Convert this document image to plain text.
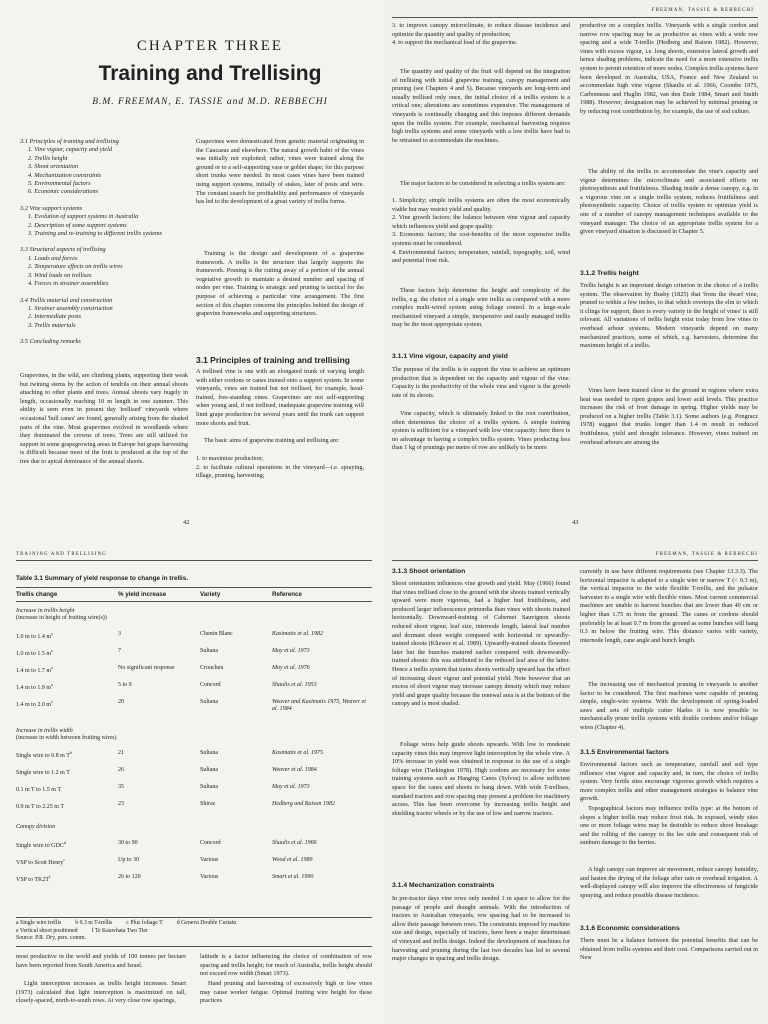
CHAPTER THREE
Training and Trellising
B.M. FREEMAN, E. TASSIE and M.D. REBBECHI
3.1 Principles of training and trellising
1. Vine vigour, capacity and yield
2. Trellis height
3. Shoot orientation
4. Mechanization constraints
5. Environmental factors
6. Economic considerations
3.2 Vine support systems
1. Evolution of support systems in Australia
2. Description of some support systems
3. Training and re-training to different trellis systems
3.3 Structural aspects of trellising
1. Loads and forces
2. Temperature effects on trellis wires
3. Wind loads on trellises
4. Forces in strainer assemblies
3.4 Trellis material and construction
1. Strainer assembly construction
2. Intermediate posts
3. Trellis materials
3.5 Concluding remarks
Grapevines were domesticated from genetic material originating in the Caucasus and elsewhere. The natural growth habit of the vines was initially not exploited; rather, vines were trained along the ground or to a self-supporting vase or goblet shape; for this purpose short trunks were needed. In most cases vines have been trained using support systems, initially of stakes, later of posts and wire. The constant search for profitability and performance of vineyards has led to the development of a great variety of trellis forms.
Training is the design and development of a grapevine framework. A trellis is the structure that largely supports the framework. Pruning is the cutting away of a portion of the annual vegetative growth to maintain a desired number and spacing of nodes per vine. Training is strategic and pruning is tactical for the purpose of achieving a particular vine arrangement. The first section of this chapter concerns the principles behind the design of grapevine frameworks and supporting structures.
3.1 Principles of training and trellising
Grapevines, in the wild, are climbing plants, supporting their weak but twining stems by the action of tendrils on their annual shoots attaching to other plants and trees. Annual shoots vary hugely in length, occasionally reaching 10 m length in one summer. This ability is seen even in present day 'trellised' vineyards where occasional 'bull canes' are found, generally arising from the shaded parts of the vine. Most grapevines evolved in woodlands where they dominated the crowns of trees. Trees are still utilized for support in some grapegrowing areas in Europe but grape harvesting is difficult because most of the fruit is produced at the top of the tree due to apical dominance of the annual shoots.
A trellised vine is one with an elongated trunk of varying length with either cordons or canes trained onto a support system. In some vineyards, vines are trained but not trellised, for example, head-trained, free-standing vines. Grapevines are not self-supporting when young and, if not trellised, inadequate grapevine training will limit grape production for several years until the trunk can support more shoots and fruit.
The basic aims of grapevine training and trellising are:
1. to maximize production;
2. to facilitate cultural operations in the vineyard—i.e. spraying, tillage, pruning, harvesting;
42
FREEMAN, TASSIE & REBBECHI
3. to improve canopy microclimate, to reduce disease incidence and optimize the quantity and quality of production;
4. to support the mechanical load of the grapevine.
The quantity and quality of the fruit will depend on the integration of trellising with initial grapevine training, canopy management and pruning (see Chapters 4 and 5). Because vineyards are long-term and usually trellised only once, the initial choice of a trellis system is a critical one; alterations are sometimes expensive. The management of vineyards is continually changing and this imposes different demands upon the trellis system. For example, mechanical harvesting requires high trellis systems and some vineyards with a low trellis have had to be retrained to accommodate the machines.
The major factors to be considered in selecting a trellis system are:
1. Simplicity; simple trellis systems are often the most economically viable but may restrict yield and quality.
2. Vine growth factors; the balance between vine vigour and capacity which influences yield and grape quality.
3. Economic factors; the cost-benefits of the more expensive trellis systems must be considered.
4. Environmental factors; temperature, rainfall, topography, soil, wind and potential frost risk.
These factors help determine the height and complexity of the trellis, e.g. the choice of a single wire trellis as compared with a more complex multi-wired system using foliage control. In a large-scale mechanized vineyard a simple, inexpensive and easily managed trellis may be the most appropriate system.
3.1.1 Vine vigour, capacity and yield
The purpose of the trellis is to support the vine to achieve an optimum production that is dependent on the capacity and vigour of the vine. Capacity is the productivity of the whole vine and vigour is the growth rate of its shoots.
Vine capacity, which is ultimately linked to the root contribution, often determines the choice of a trellis system. A simple training system is sufficient for a vineyard with low vine capacity: here there is no advantage in having a complex trellis system. Vines producing less than 1 kg of prunings per metre of row are unlikely to be more
productive on a complex trellis. Vineyards with a single cordon and narrow row spacing may be as productive as vines with a wide row spacing and a wide T-trellis (Hedberg and Raison 1982). However, vines with excess vigour, i.e. long shoots, extensive lateral growth and hence shading problems, indicate the need for a more extensive trellis system to permit retention of more nodes. Complex trellis systems have been developed in Australia, USA, France and New Zealand to accommodate high vine vigour (Shaulis et al. 1966, Coombe 1975, Carbonneau and Huglin 1982, van den Ende 1984, Smart and Smith 1988). However, designation may be achieved by minimal pruning or by reducing root contribution by, for example, the use of sod culture.
The ability of the trellis to accommodate the vine's capacity and vigour determines the microclimate and associated effects on photosynthesis and fruitfulness. Shading inside a dense canopy, e.g. in a vigorous vine on a single trellis system, reduces fruitfulness and photosynthetic capacity. Choice of trellis system to optimize yield is one of a number of canopy management techniques available to the vineyard manager. The choice of an appropriate trellis system for a given vineyard situation is discussed in Chapter 5.
3.1.2 Trellis height
Trellis height is an important design criterion in the choice of a trellis system. The observation by Busby (1825) that 'from the dwarf vine, pruned to within a few inches, to that which overtops the elm to which it clings for support, there is every variety in the height of vines' is still relevant. All variations of trellis height exist today from low vines to overhead arbour systems. Modern vineyards depend on many mechanized practices, some of which, e.g. harvesters, determine the maximum height of a trellis.
Vines have been trained close to the ground in regions where extra heat was needed to ripen grapes and lower acid levels. This practice increases the risk of frost damage in spring. Higher yields may be produced on a higher trellis (Table 3.1). Some authors (e.g. Pongracz 1978) suggest that trunks longer than 1.4 m result in reduced fruitfulness, yield and drought tolerance. However, vines trained on overhead arbours are among the
43
TRAINING AND TRELLISING
Table 3.1 Summary of yield response to change in trellis.
Trellis change	% yield increase	Variety	Reference

Increase in trellis height
(increase in height of fruiting wire(s))			

1.0 m to 1.4 $m^a$	3	Chenin Blanc	Kasimatis et al. 1982
1.0 m to 1.5 $m^a$	7	Sultana	May et al. 1973
1.4 m to 1.7 $m^a$	No significant response	Crouchen	May et al. 1976
1.4 m to 1.9 $m^a$	5 to 9	Concord	Shaulis et al. 1953
1.4 m to 2.0 $m^e$	20	Sultana	Weaver and Kasimatis 1975, Weaver et al. 1984

Increase in trellis width
(increase in width between fruiting wires)			

Single wire to 0.8 m $T^b$	21	Sultana	Kasimatis et al. 1975
Single wire to 1.2 m T	26	Sultana	Weaver et al. 1984
0.1 m T to 1.5 m T	35	Sultana	May et al. 1973
0.9 m T to 2.25 m T	23	Shiraz	Hedberg and Raison 1982

Canopy division			

Single wire to GDC$^d$	30 to 90	Concord	Shaulis et al. 1966
VSP to Scott Henry$^c$	Up to 30	Various	Wood et al. 1989
VSP to $TK2T^f$	26 to 120	Various	Smart et al. 1990
a Single wire trellis b 0.3 m T-trellis c Plus foliage T d Geneva Double Curtain
e Vertical shoot positioned f Te Kauwhata Two Tier
Source: P.R. Dry, pers. comm.
most productive in the world and yields of 100 tonnes per hectare have been reported from South America and Israel.
Light interception increases as trellis height increases. Smart (1973) calculated that light interception is maximized on tall, closely-spaced, north-to-south rows. At very close row spacings,
latitude is a factor influencing the choice of combination of row spacing and trellis height; for much of Australia, trellis height should not exceed row width (Smart 1973).
Hand pruning and harvesting of excessively high or low vines may cause worker fatigue. Optimal fruiting wire height for these practices
FREEMAN, TASSIE & REBBECHI
3.1.3 Shoot orientation
Shoot orientation influences vine growth and yield. May (1966) found that vines trellised close to the ground with the shoots trained vertically upward were more vigorous, had a higher bud fruitfulness, and produced larger inflorescence primordia than vines with shoots trained horizontally. Downward-training of Cabernet Sauvignon shoots reduced shoot vigour, leaf size, internode length, lateral leaf number and dormant shoot weight compared with horizontal or upwardly-trained shoots (Kliewer et al. 1989). Upwardly-trained shoots flowered later but the bunches matured earlier compared with downwardly-trained shoots: this was attributed to the reduced leaf area of the latter. Hence a trellis system that trains shoots vertically upward has the effect of increasing shoot vigour and potential yield. Note however that an excess of shoot vigour may increase canopy density which may reduce yield and grape quality because the renewal area is at the bottom of the canopy and is most shaded.
Foliage wires help guide shoots upwards. With low to moderate capacity vines this may improve light interception by the whole vine. A 10% increase in yield was obtained in response to the use of a single foliage wire (Turkington 1978). High cordons are necessary for some training systems such as Hanging Canes (Sylvoz) to allow sufficient space for the canes and shoots to hang down. With wide T-trellises, standard tractors and row spacing may present a problem for machinery access. This has been overcome by increasing trellis height and shielding tractor wheels or by the use of low and narrow tractors.
3.1.4 Mechanization constraints
In pre-tractor days vine rows only needed 1 m space to allow for the passage of people and draught animals. With the introduction of tractors to Australian vineyards, row spacing had to be increased to allow their passage between rows. The constraints imposed by machine size and design, especially of tractors, have been a major determinant of vineyard and trellis design. Indeed the development of machines for harvesting and pruning during the last two decades has led to several major changes in spacing and trellis design.
currently in use have different requirements (see Chapter 13.3.3). The horizontal impactor is adapted to a single wire or narrow T (< 0.3 m), the vertical impactor to the wide flexible T-trellis, and the pulsator harvester to a single wire with flexible vines. Most current commercial machines are unable to harvest bunches that are lower than 40 cm or higher than 1.75 m from the ground. The canes or cordons should preferably be at least 0.7 m from the ground as some bunches will hang 0.3 m below the fruiting wire. This distance varies with variety, internode length, cane angle and bunch length.
The increasing use of mechanical pruning in vineyards is another factor to be considered. The first machines were capable of pruning simple, single-wire systems. With the development of spring-loaded saws and sets of multiple cutter blades it is now possible to mechanically prune trellis systems with double cordons and/or foliage wires (Chapter 4).
3.1.5 Environmental factors
Environmental factors such as temperature, rainfall and soil type influence vine vigour and capacity and, in turn, the choice of trellis system. Very fertile sites encourage vigorous growth which requires a more complex trellis and other management strategies to balance vine growth.
Topographical factors may influence trellis type: at the bottom of slopes a higher trellis may reduce frost risk. In exposed, windy sites one or more foliage wires may be desirable to reduce shoot breakage and the rolling of the canopy to the lee side and consequent risk of sunburn damage to the berries.
A high canopy can improve air movement, reduce canopy humidity, and hasten the drying of the foliage after rain or overhead irrigation. A well-displayed canopy will also improve the effectiveness of fungicide spraying, and reduce possible disease incidence.
3.1.6 Economic considerations
There must be a balance between the potential benefits that can be obtained from trellis systems and their cost. Comparisons carried out in New
